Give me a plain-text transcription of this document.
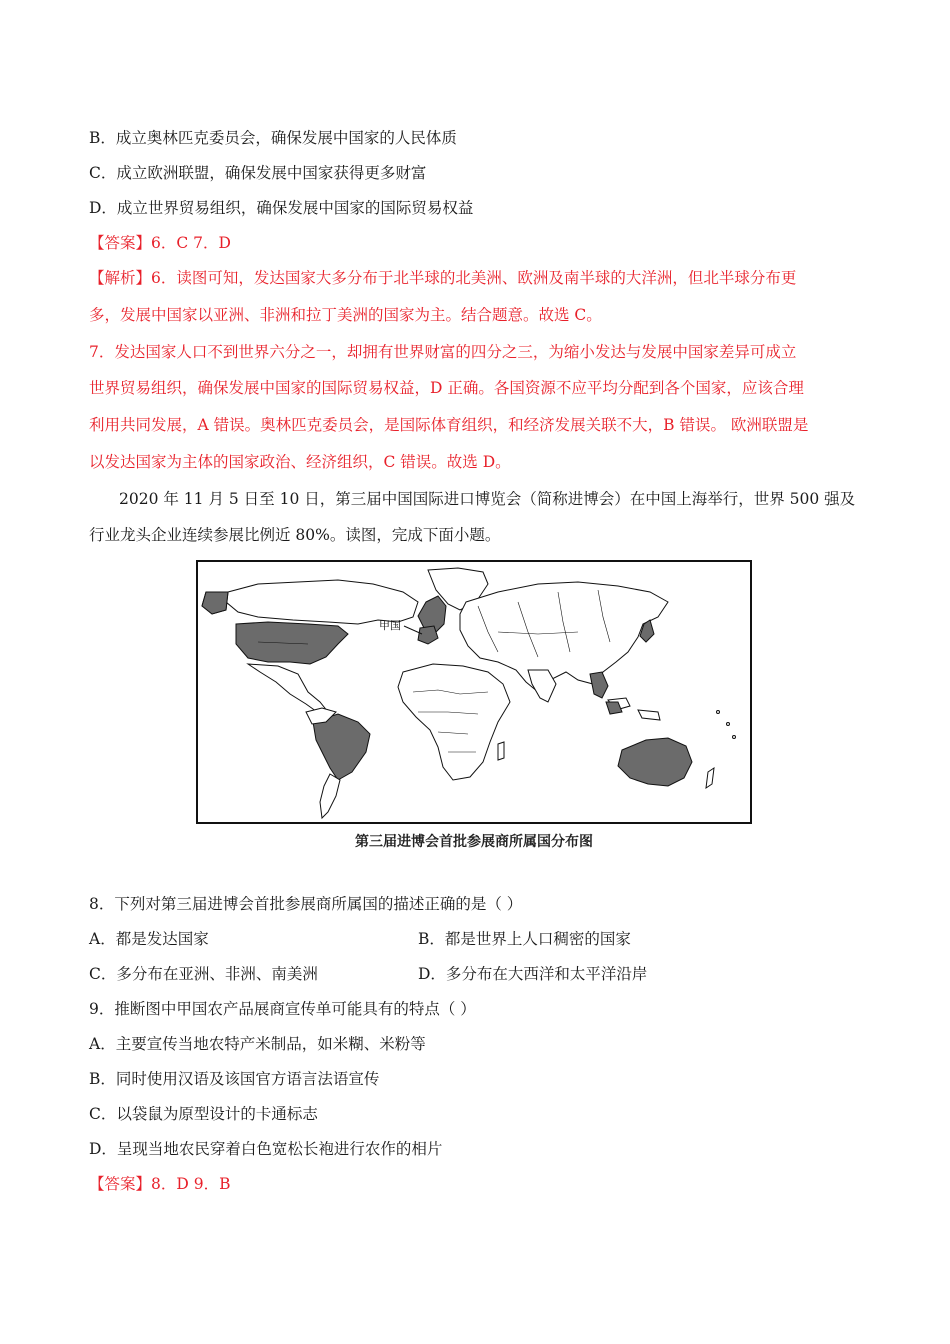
B．成立奥林匹克委员会，确保发展中国家的人民体质
C．成立欧洲联盟，确保发展中国家获得更多财富
D．成立世界贸易组织，确保发展中国家的国际贸易权益
【答案】6．C 7．D
【解析】6．读图可知，发达国家大多分布于北半球的北美洲、欧洲及南半球的大洋洲，但北半球分布更
多，发展中国家以亚洲、非洲和拉丁美洲的国家为主。结合题意。故选 C。
7．发达国家人口不到世界六分之一，却拥有世界财富的四分之三，为缩小发达与发展中国家差异可成立
世界贸易组织，确保发展中国家的国际贸易权益，D 正确。各国资源不应平均分配到各个国家，应该合理
利用共同发展，A 错误。奥林匹克委员会，是国际体育组织，和经济发展关联不大，B 错误。 欧洲联盟是
以发达国家为主体的国家政治、经济组织，C 错误。故选 D。
2020 年 11 月 5 日至 10 日，第三届中国国际进口博览会（简称进博会）在中国上海举行，世界 500 强及
行业龙头企业连续参展比例近 80%。读图，完成下面小题。
甲国
第三届进博会首批参展商所属国分布图
8．下列对第三届进博会首批参展商所属国的描述正确的是（ ）
A．都是发达国家	B．都是世界上人口稠密的国家
C．多分布在亚洲、非洲、南美洲	D．多分布在大西洋和太平洋沿岸
9．推断图中甲国农产品展商宣传单可能具有的特点（ ）
A．主要宣传当地农特产米制品，如米糊、米粉等
B．同时使用汉语及该国官方语言法语宣传
C．以袋鼠为原型设计的卡通标志
D．呈现当地农民穿着白色宽松长袍进行农作的相片
【答案】8．D 9．B
